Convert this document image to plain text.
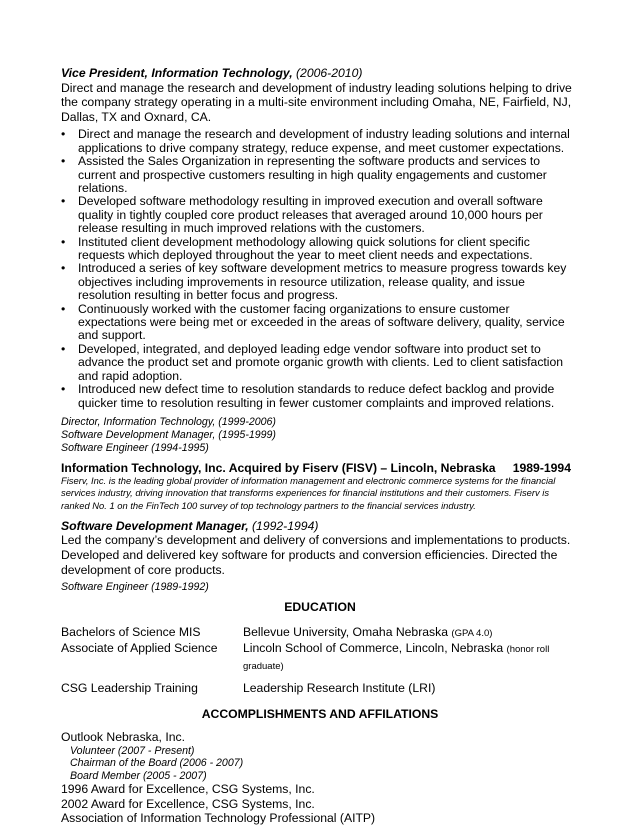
Vice President, Information Technology, (2006-2010)

Direct and manage the research and development of industry leading solutions helping to drive the company strategy operating in a multi-site environment including Omaha, NE, Fairfield, NJ, Dallas, TX and Oxnard, CA.

• Direct and manage the research and development of industry leading solutions and internal applications to drive company strategy, reduce expense, and meet customer expectations.
• Assisted the Sales Organization in representing the software products and services to current and prospective customers resulting in high quality engagements and customer relations.
• Developed software methodology resulting in improved execution and overall software quality in tightly coupled core product releases that averaged around 10,000 hours per release resulting in much improved relations with the customers.
• Instituted client development methodology allowing quick solutions for client specific requests which deployed throughout the year to meet client needs and expectations.
• Introduced a series of key software development metrics to measure progress towards key objectives including improvements in resource utilization, release quality, and issue resolution resulting in better focus and progress.
• Continuously worked with the customer facing organizations to ensure customer expectations were being met or exceeded in the areas of software delivery, quality, service and support.
• Developed, integrated, and deployed leading edge vendor software into product set to advance the product set and promote organic growth with clients. Led to client satisfaction and rapid adoption.
• Introduced new defect time to resolution standards to reduce defect backlog and provide quicker time to resolution resulting in fewer customer complaints and improved relations.

Director, Information Technology, (1999-2006)

Software Development Manager, (1995-1999)

Software Engineer (1994-1995)

Information Technology, Inc. Acquired by Fiserv (FISV) – Lincoln, Nebraska 1989-1994

Fiserv, Inc. is the leading global provider of information management and electronic commerce systems for the financial services industry, driving innovation that transforms experiences for financial institutions and their customers. Fiserv is ranked No. 1 on the FinTech 100 survey of top technology partners to the financial services industry.

Software Development Manager, (1992-1994)

Led the company’s development and delivery of conversions and implementations to products. Developed and delivered key software for products and conversion efficiencies. Directed the development of core products.

Software Engineer (1989-1992)

EDUCATION

Bachelors of Science MIS	Bellevue University, Omaha Nebraska (GPA 4.0)
Associate of Applied Science	Lincoln School of Commerce, Lincoln, Nebraska (honor roll graduate)
CSG Leadership Training	Leadership Research Institute (LRI)

ACCOMPLISHMENTS AND AFFILATIONS

Outlook Nebraska, Inc.

Volunteer (2007 - Present)

Chairman of the Board (2006 - 2007)

Board Member (2005 - 2007)

1996 Award for Excellence, CSG Systems, Inc.

2002 Award for Excellence, CSG Systems, Inc.

Association of Information Technology Professional (AITP)
